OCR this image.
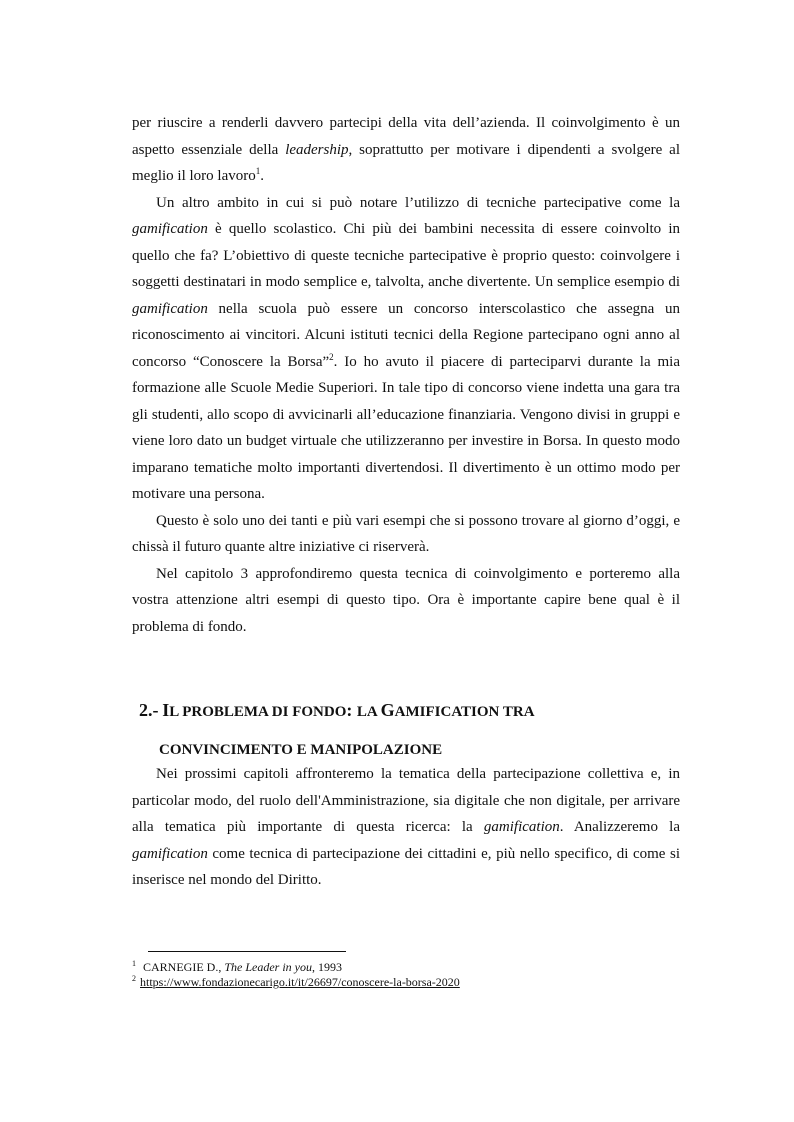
per riuscire a renderli davvero partecipi della vita dell’azienda. Il coinvolgimento è un aspetto essenziale della leadership, soprattutto per motivare i dipendenti a svolgere al meglio il loro lavoro$^1$.

Un altro ambito in cui si può notare l’utilizzo di tecniche partecipative come la gamification è quello scolastico. Chi più dei bambini necessita di essere coinvolto in quello che fa? L’obiettivo di queste tecniche partecipative è proprio questo: coinvolgere i soggetti destinatari in modo semplice e, talvolta, anche divertente. Un semplice esempio di gamification nella scuola può essere un concorso interscolastico che assegna un riconoscimento ai vincitori. Alcuni istituti tecnici della Regione partecipano ogni anno al concorso “Conoscere la Borsa”$^2$. Io ho avuto il piacere di parteciparvi durante la mia formazione alle Scuole Medie Superiori. In tale tipo di concorso viene indetta una gara tra gli studenti, allo scopo di avvicinarli all’educazione finanziaria. Vengono divisi in gruppi e viene loro dato un budget virtuale che utilizzeranno per investire in Borsa. In questo modo imparano tematiche molto importanti divertendosi. Il divertimento è un ottimo modo per motivare una persona.

Questo è solo uno dei tanti e più vari esempi che si possono trovare al giorno d’oggi, e chissà il futuro quante altre iniziative ci riserverà.

Nel capitolo 3 approfondiremo questa tecnica di coinvolgimento e porteremo alla vostra attenzione altri esempi di questo tipo. Ora è importante capire bene qual è il problema di fondo.

2.- IL PROBLEMA DI FONDO: LA GAMIFICATION TRA
CONVINCIMENTO E MANIPOLAZIONE

Nei prossimi capitoli affronteremo la tematica della partecipazione collettiva e, in particolar modo, del ruolo dell'Amministrazione, sia digitale che non digitale, per arrivare alla tematica più importante di questa ricerca: la gamification. Analizzeremo la gamification come tecnica di partecipazione dei cittadini e, più nello specifico, di come si inserisce nel mondo del Diritto.

$^1$ CARNEGIE D., The Leader in you, 1993

$^2$ https://www.fondazionecarigo.it/it/26697/conoscere-la-borsa-2020
